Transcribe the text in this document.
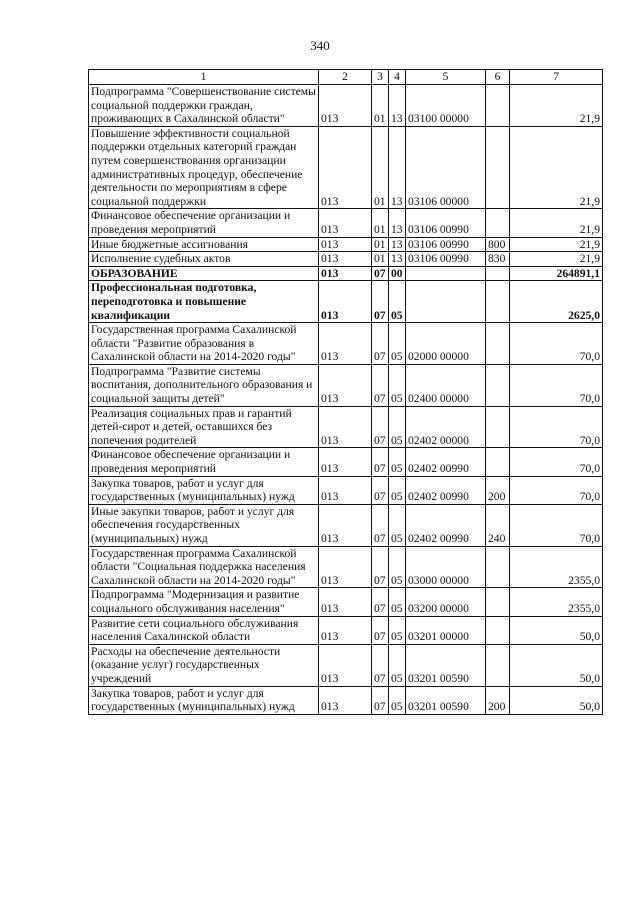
340
1	2	3	4	5	6	7
Подпрограмма "Совершенствование системы социальной поддержки граждан, проживающих в Сахалинской области"	013	01	13	03100 00000		21,9
Повышение эффективности социальной поддержки отдельных категорий граждан путем совершенствования организации административных процедур, обеспечение деятельности по мероприятиям в сфере социальной поддержки	013	01	13	03106 00000		21,9
Финансовое обеспечение организации и проведения мероприятий	013	01	13	03106 00990		21,9
Иные бюджетные ассигнования	013	01	13	03106 00990	800	21,9
Исполнение судебных актов	013	01	13	03106 00990	830	21,9
ОБРАЗОВАНИЕ	013	07	00			264891,1
Профессиональная подготовка, переподготовка и повышение квалификации	013	07	05			2625,0
Государственная программа Сахалинской области "Развитие образования в Сахалинской области на 2014-2020 годы"	013	07	05	02000 00000		70,0
Подпрограмма "Развитие системы воспитания, дополнительного образования и социальной защиты детей"	013	07	05	02400 00000		70,0
Реализация социальных прав и гарантий детей-сирот и детей, оставшихся без попечения родителей	013	07	05	02402 00000		70,0
Финансовое обеспечение организации и проведения мероприятий	013	07	05	02402 00990		70,0
Закупка товаров, работ и услуг для государственных (муниципальных) нужд	013	07	05	02402 00990	200	70,0
Иные закупки товаров, работ и услуг для обеспечения государственных (муниципальных) нужд	013	07	05	02402 00990	240	70,0
Государственная программа Сахалинской области "Социальная поддержка населения Сахалинской области на 2014-2020 годы"	013	07	05	03000 00000		2355,0
Подпрограмма "Модернизация и развитие социального обслуживания населения"	013	07	05	03200 00000		2355,0
Развитие сети социального обслуживания населения Сахалинской области	013	07	05	03201 00000		50,0
Расходы на обеспечение деятельности (оказание услуг) государственных учреждений	013	07	05	03201 00590		50,0
Закупка товаров, работ и услуг для государственных (муниципальных) нужд	013	07	05	03201 00590	200	50,0
